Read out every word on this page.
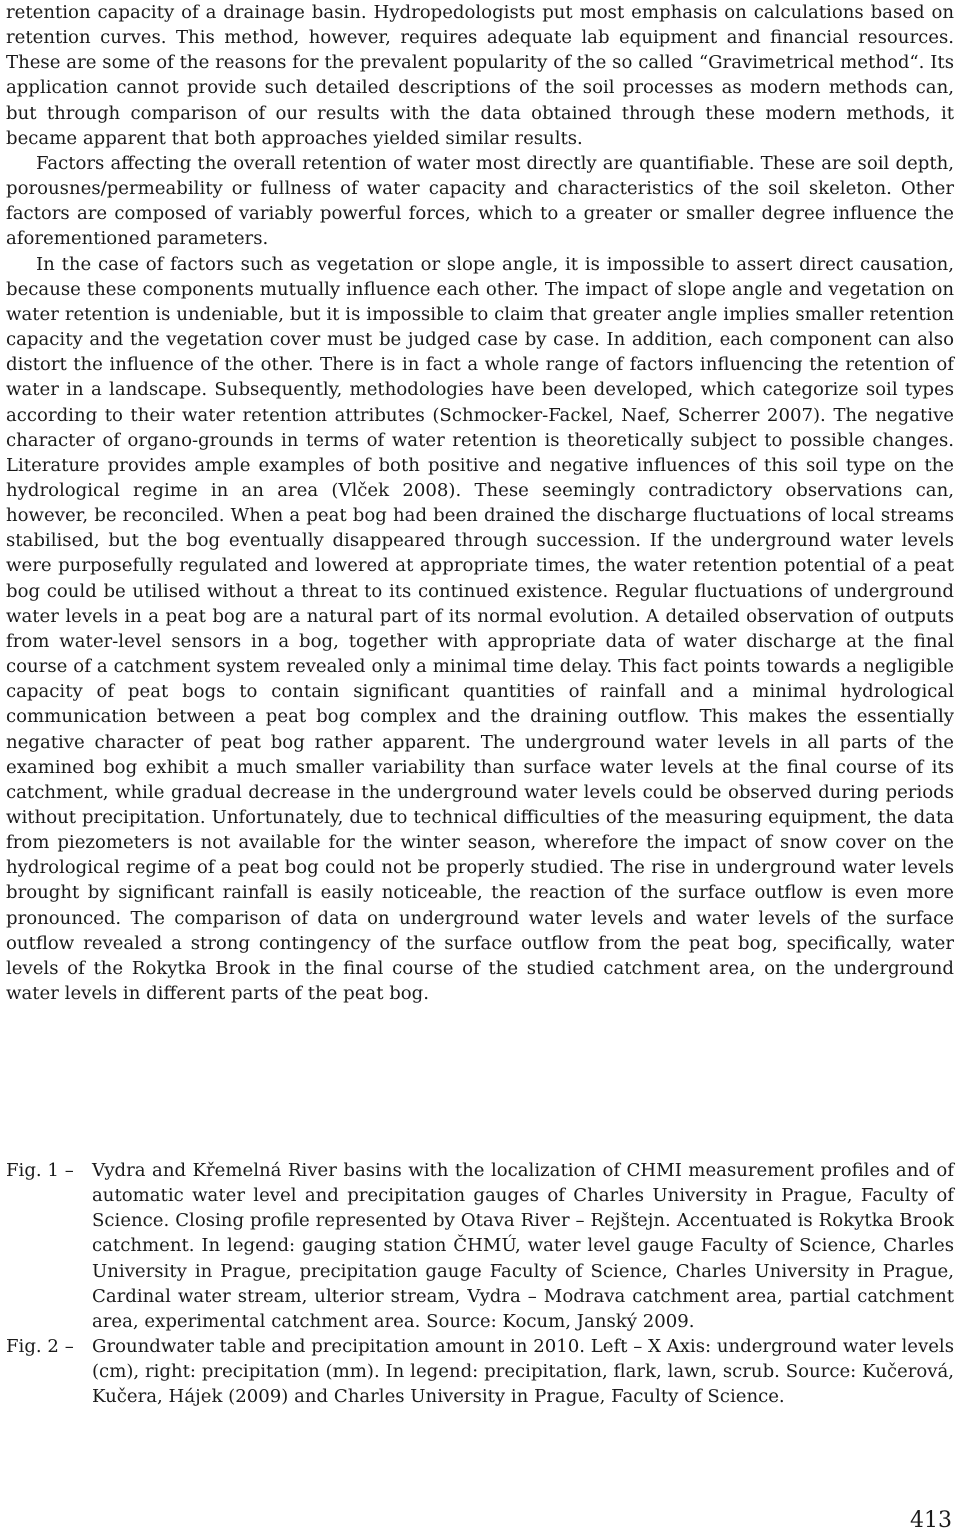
retention capacity of a drainage basin. Hydropedologists put most emphasis on calculations based on retention curves. This method, however, requires adequate lab equipment and financial resources. These are some of the reasons for the prevalent popularity of the so called “Gravimetrical method“. Its application cannot provide such detailed descriptions of the soil processes as modern methods can, but through comparison of our results with the data obtained through these modern methods, it became apparent that both approaches yielded similar results.

Factors affecting the overall retention of water most directly are quantifiable. These are soil depth, porousnes/permeability or fullness of water capacity and characteristics of the soil skeleton. Other factors are composed of variably powerful forces, which to a greater or smaller degree influence the aforementioned parameters.

In the case of factors such as vegetation or slope angle, it is impossible to assert direct causation, because these components mutually influence each other. The impact of slope angle and vegetation on water retention is undeniable, but it is impossible to claim that greater angle implies smaller retention capacity and the vegetation cover must be judged case by case. In addition, each component can also distort the influence of the other. There is in fact a whole range of factors influencing the retention of water in a landscape. Subsequently, methodologies have been developed, which categorize soil types according to their water retention attributes (Schmocker-Fackel, Naef, Scherrer 2007). The negative character of organo-grounds in terms of water retention is theoretically subject to possible changes. Literature provides ample examples of both positive and negative influences of this soil type on the hydrological regime in an area (Vlček 2008). These seemingly contradictory observations can, however, be reconciled. When a peat bog had been drained the discharge fluctuations of local streams stabilised, but the bog eventually disappeared through succession. If the underground water levels were purposefully regulated and lowered at appropriate times, the water retention potential of a peat bog could be utilised without a threat to its continued existence. Regular fluctuations of underground water levels in a peat bog are a natural part of its normal evolution. A detailed observation of outputs from water-level sensors in a bog, together with appropriate data of water discharge at the final course of a catchment system revealed only a minimal time delay. This fact points towards a negligible capacity of peat bogs to contain significant quantities of rainfall and a minimal hydrological communication between a peat bog complex and the draining outflow. This makes the essentially negative character of peat bog rather apparent. The underground water levels in all parts of the examined bog exhibit a much smaller variability than surface water levels at the final course of its catchment, while gradual decrease in the underground water levels could be observed during periods without precipitation. Unfortunately, due to technical difficulties of the measuring equipment, the data from piezometers is not available for the winter season, wherefore the impact of snow cover on the hydrological regime of a peat bog could not be properly studied. The rise in underground water levels brought by significant rainfall is easily noticeable, the reaction of the surface outflow is even more pronounced. The comparison of data on underground water levels and water levels of the surface outflow revealed a strong contingency of the surface outflow from the peat bog, specifically, water levels of the Rokytka Brook in the final course of the studied catchment area, on the underground water levels in different parts of the peat bog.

Fig. 1 –	Vydra and Křemelná River basins with the localization of CHMI measurement profiles and of automatic water level and precipitation gauges of Charles University in Prague, Faculty of Science. Closing profile represented by Otava River – Rejštejn. Accentuated is Rokytka Brook catchment. In legend: gauging station ČHMÚ, water level gauge Faculty of Science, Charles University in Prague, precipitation gauge Faculty of Science, Charles University in Prague, Cardinal water stream, ulterior stream, Vydra – Modrava catchment area, partial catchment area, experimental catchment area. Source: Kocum, Janský 2009.
Fig. 2 –	Groundwater table and precipitation amount in 2010. Left – X Axis: underground water levels (cm), right: precipitation (mm). In legend: precipitation, flark, lawn, scrub. Source: Kučerová, Kučera, Hájek (2009) and Charles University in Prague, Faculty of Science.
413
